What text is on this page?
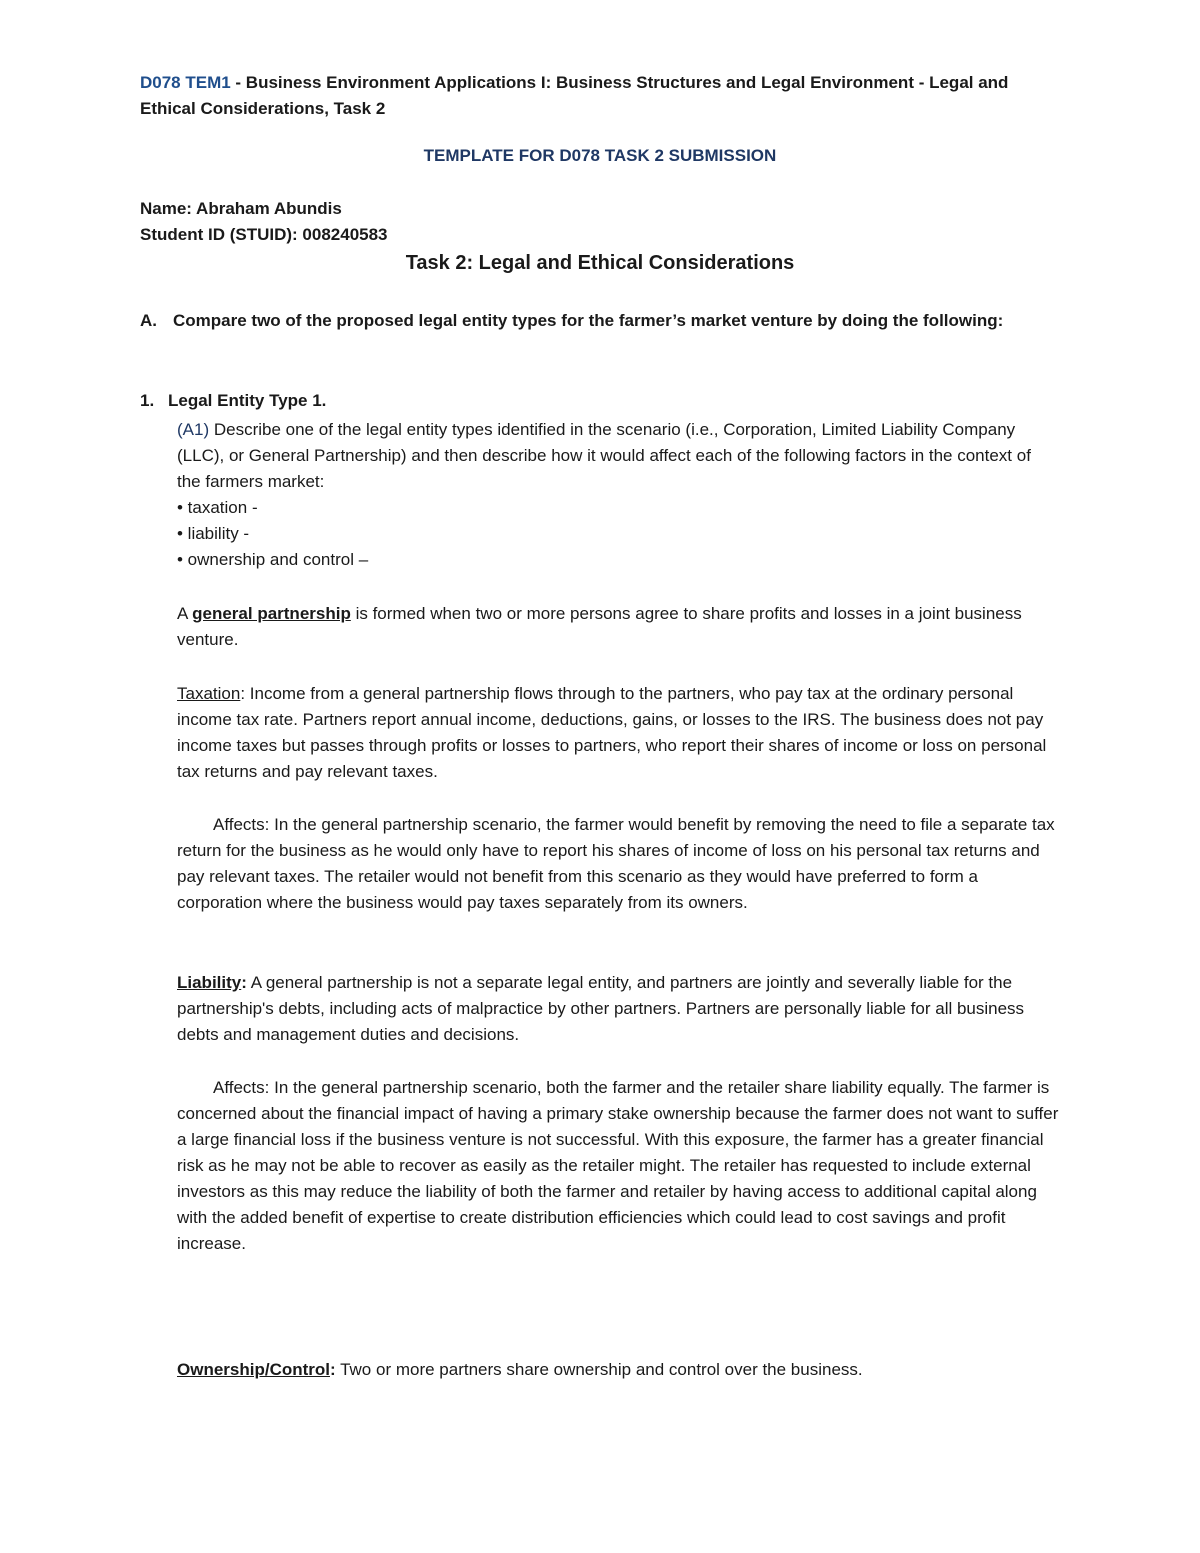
D078 TEM1 - Business Environment Applications I: Business Structures and Legal Environment - Legal and Ethical Considerations, Task 2

TEMPLATE FOR D078 TASK 2 SUBMISSION

Name: Abraham Abundis

Student ID (STUID): 008240583

Task 2: Legal and Ethical Considerations

A. Compare two of the proposed legal entity types for the farmer’s market venture by doing the following:

1. Legal Entity Type 1.

(A1) Describe one of the legal entity types identified in the scenario (i.e., Corporation, Limited Liability Company (LLC), or General Partnership) and then describe how it would affect each of the following factors in the context of the farmers market:

• taxation -
• liability -
• ownership and control –

A general partnership is formed when two or more persons agree to share profits and losses in a joint business venture.

Taxation: Income from a general partnership flows through to the partners, who pay tax at the ordinary personal income tax rate. Partners report annual income, deductions, gains, or losses to the IRS. The business does not pay income taxes but passes through profits or losses to partners, who report their shares of income or loss on personal tax returns and pay relevant taxes.

Affects: In the general partnership scenario, the farmer would benefit by removing the need to file a separate tax return for the business as he would only have to report his shares of income of loss on his personal tax returns and pay relevant taxes. The retailer would not benefit from this scenario as they would have preferred to form a corporation where the business would pay taxes separately from its owners.

Liability: A general partnership is not a separate legal entity, and partners are jointly and severally liable for the partnership's debts, including acts of malpractice by other partners. Partners are personally liable for all business debts and management duties and decisions.

Affects: In the general partnership scenario, both the farmer and the retailer share liability equally. The farmer is concerned about the financial impact of having a primary stake ownership because the farmer does not want to suffer a large financial loss if the business venture is not successful. With this exposure, the farmer has a greater financial risk as he may not be able to recover as easily as the retailer might. The retailer has requested to include external investors as this may reduce the liability of both the farmer and retailer by having access to additional capital along with the added benefit of expertise to create distribution efficiencies which could lead to cost savings and profit increase.

Ownership/Control: Two or more partners share ownership and control over the business.
